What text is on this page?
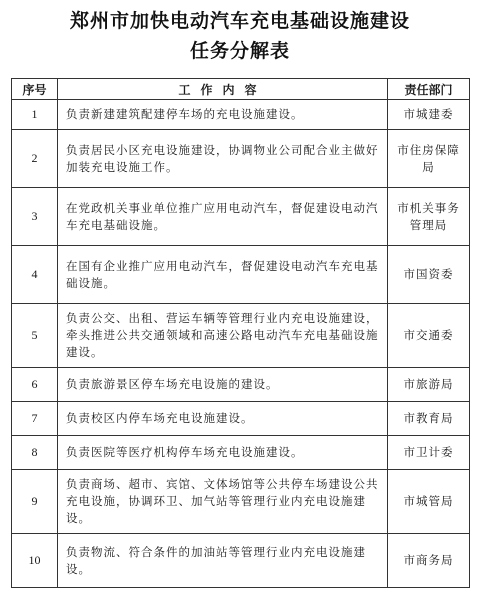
郑州市加快电动汽车充电基础设施建设
任务分解表
序号	工作内容	责任部门
1	负责新建建筑配建停车场的充电设施建设。	市城建委
2	负责居民小区充电设施建设，协调物业公司配合业主做好加装充电设施工作。	市住房保障局
3	在党政机关事业单位推广应用电动汽车，督促建设电动汽车充电基础设施。	市机关事务管理局
4	在国有企业推广应用电动汽车，督促建设电动汽车充电基础设施。	市国资委
5	负责公交、出租、营运车辆等管理行业内充电设施建设，牵头推进公共交通领域和高速公路电动汽车充电基础设施建设。	市交通委
6	负责旅游景区停车场充电设施的建设。	市旅游局
7	负责校区内停车场充电设施建设。	市教育局
8	负责医院等医疗机构停车场充电设施建设。	市卫计委
9	负责商场、超市、宾馆、文体场馆等公共停车场建设公共充电设施，协调环卫、加气站等管理行业内充电设施建设。	市城管局
10	负责物流、符合条件的加油站等管理行业内充电设施建设。	市商务局
